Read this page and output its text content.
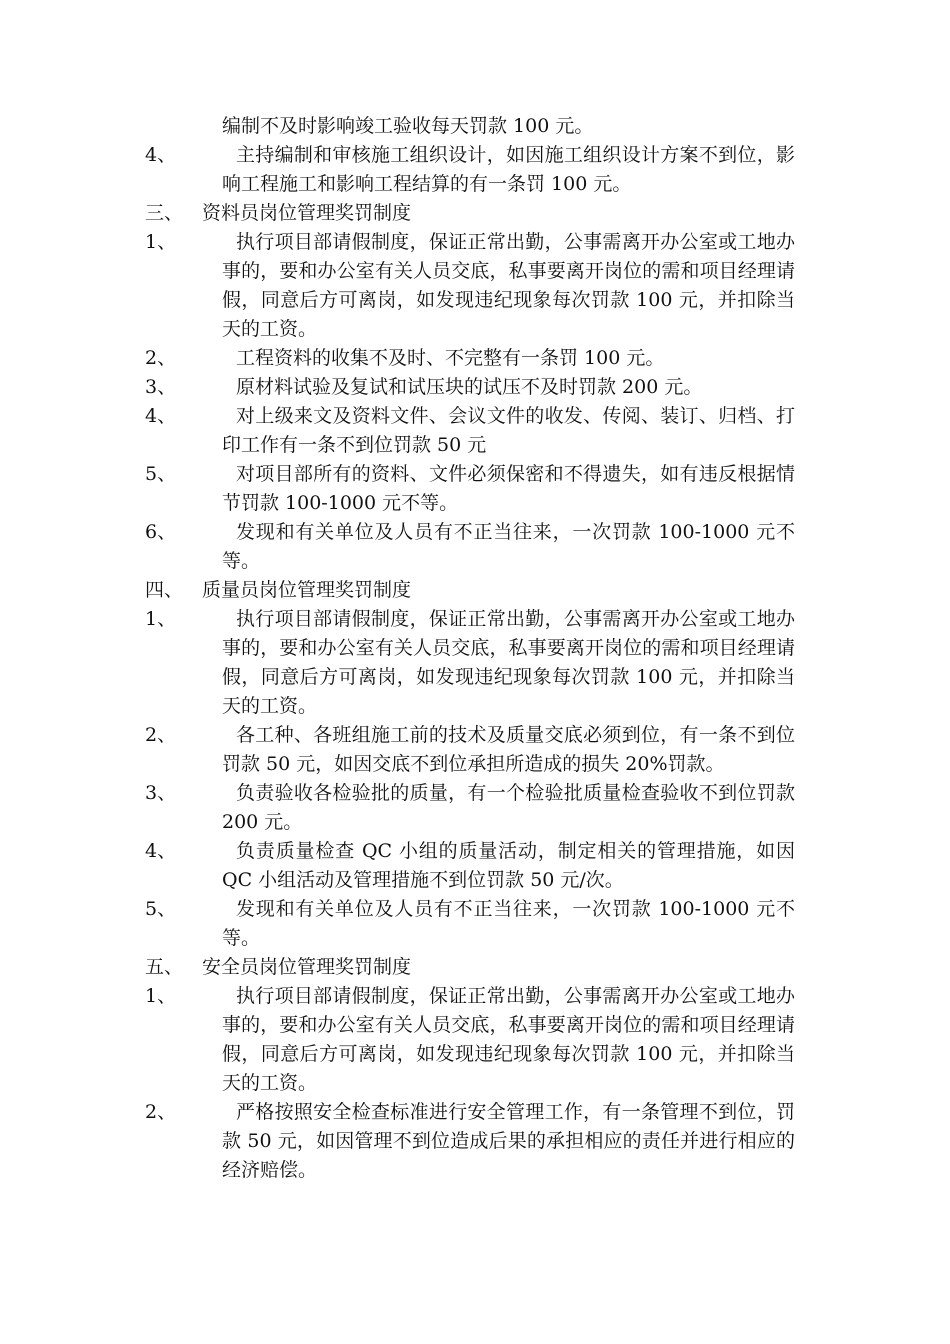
编制不及时影响竣工验收每天罚款 100 元。

4、	主持编制和审核施工组织设计，如因施工组织设计方案不到位，影响工程施工和影响工程结算的有一条罚 100 元。

三、 资料员岗位管理奖罚制度

1、	执行项目部请假制度，保证正常出勤，公事需离开办公室或工地办事的，要和办公室有关人员交底，私事要离开岗位的需和项目经理请假，同意后方可离岗，如发现违纪现象每次罚款 100 元，并扣除当天的工资。

2、	工程资料的收集不及时、不完整有一条罚 100 元。

3、	原材料试验及复试和试压块的试压不及时罚款 200 元。

4、	对上级来文及资料文件、会议文件的收发、传阅、装订、归档、打印工作有一条不到位罚款 50 元

5、	对项目部所有的资料、文件必须保密和不得遗失，如有违反根据情节罚款 100-1000 元不等。

6、	发现和有关单位及人员有不正当往来，一次罚款 100-1000 元不等。

四、 质量员岗位管理奖罚制度

1、	执行项目部请假制度，保证正常出勤，公事需离开办公室或工地办事的，要和办公室有关人员交底，私事要离开岗位的需和项目经理请假，同意后方可离岗，如发现违纪现象每次罚款 100 元，并扣除当天的工资。

2、	各工种、各班组施工前的技术及质量交底必须到位，有一条不到位罚款 50 元，如因交底不到位承担所造成的损失 20%罚款。

3、	负责验收各检验批的质量，有一个检验批质量检查验收不到位罚款 200 元。

4、	负责质量检查 QC 小组的质量活动，制定相关的管理措施，如因 QC 小组活动及管理措施不到位罚款 50 元/次。

5、	发现和有关单位及人员有不正当往来，一次罚款 100-1000 元不等。

五、 安全员岗位管理奖罚制度

1、	执行项目部请假制度，保证正常出勤，公事需离开办公室或工地办事的，要和办公室有关人员交底，私事要离开岗位的需和项目经理请假，同意后方可离岗，如发现违纪现象每次罚款 100 元，并扣除当天的工资。

2、	严格按照安全检查标准进行安全管理工作，有一条管理不到位，罚款 50 元，如因管理不到位造成后果的承担相应的责任并进行相应的经济赔偿。
